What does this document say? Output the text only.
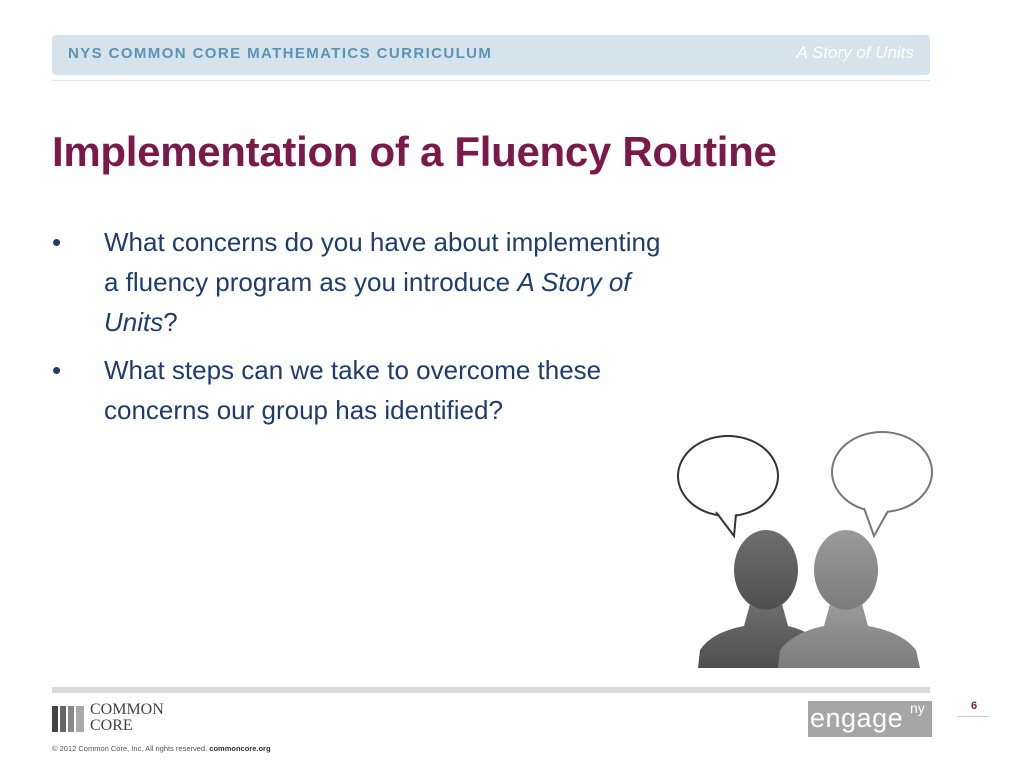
NYS COMMON CORE MATHEMATICS CURRICULUM	A Story of Units
Implementation of a Fluency Routine
• What concerns do you have about implementing a fluency program as you introduce A Story of Units?
• What steps can we take to overcome these concerns our group has identified?
COMMON
CORE
© 2012 Common Core, Inc. All rights reserved. commoncore.org
engage ny	6
